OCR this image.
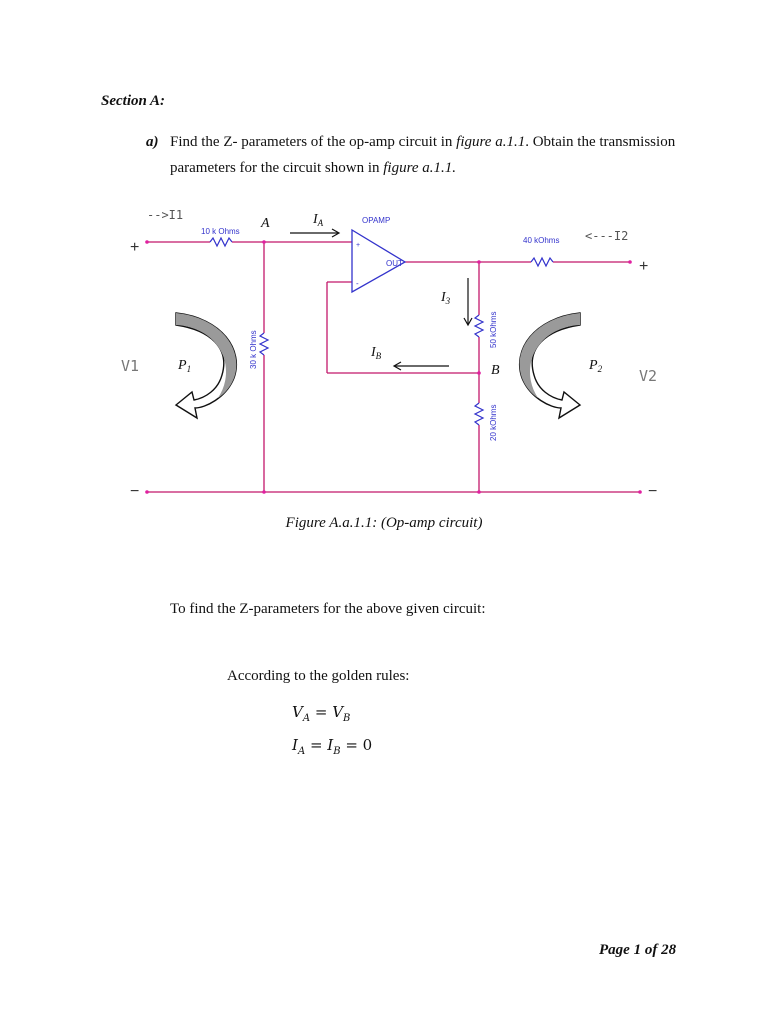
Section A:
a) Find the Z- parameters of the op-amp circuit in figure a.1.1. Obtain the transmission
parameters for the circuit shown in figure a.1.1.
+
-
-->I1
<---I2
10 k Ohms
40 kOhms
OPAMP
OUT
30 k Ohms
50 kOhms
20 kOhms
A
B
$I_A$
$I_3$
$I_B$
$P_1$	$P_2$
V1
V2
+
+
−	−
Figure A.a.1.1: (Op-amp circuit)
To find the Z-parameters for the above given circuit:
According to the golden rules:
$V_A = V_B$
$I_A = I_B = 0$
Page 1 of 28
